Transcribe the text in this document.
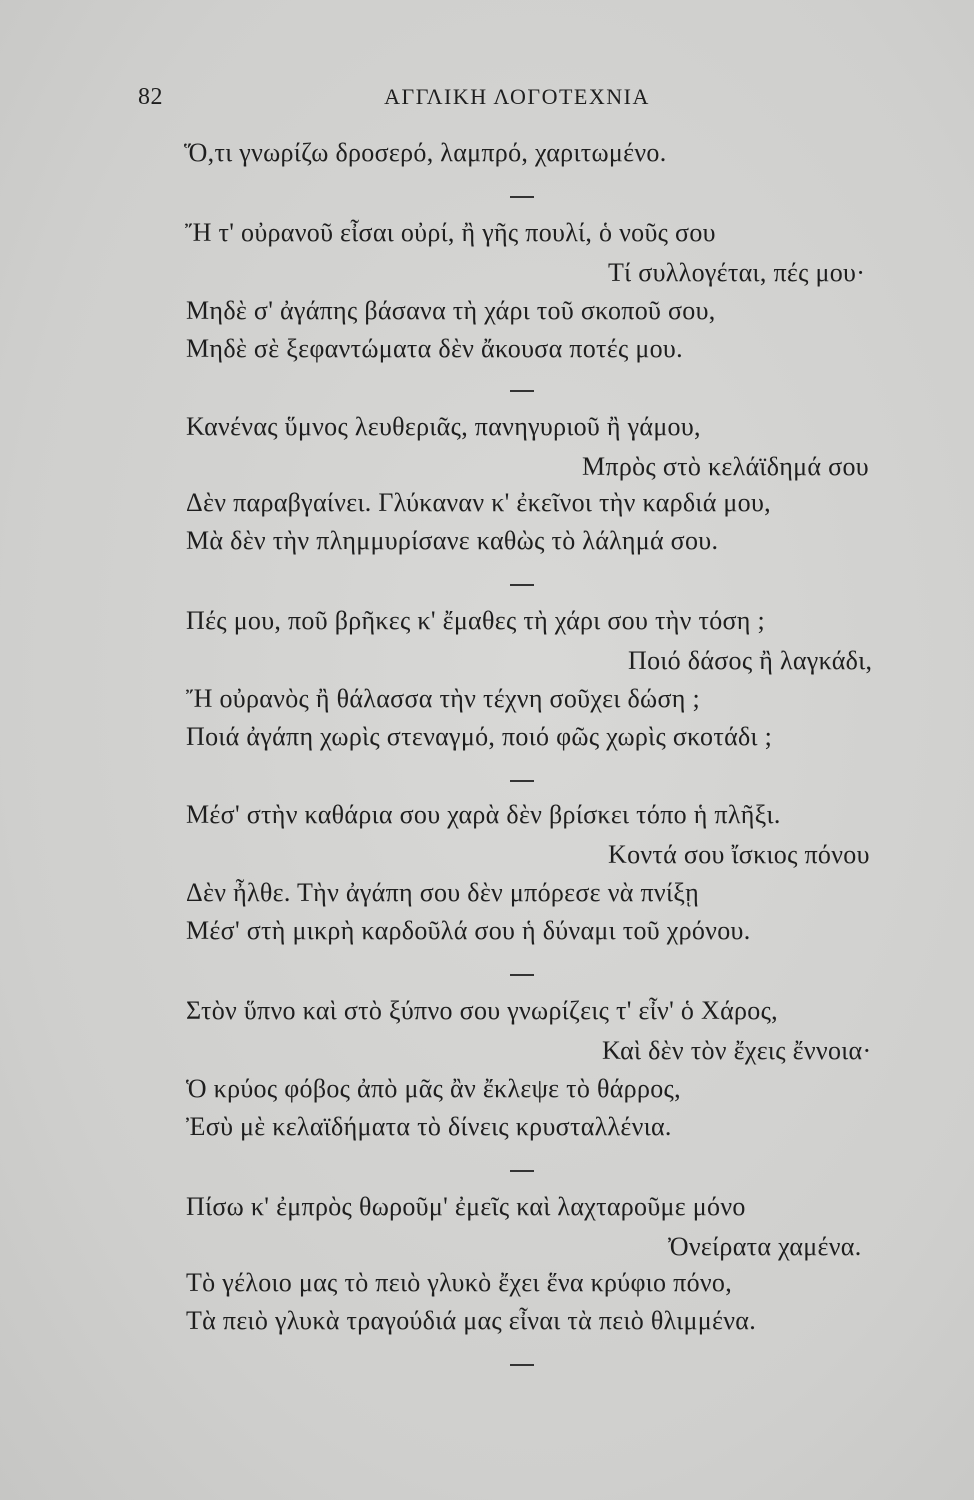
82	ΑΓΓΛΙΚΗ ΛΟΓΟΤΕΧΝΙΑ
Ὅ,τι γνωρίζω δροσερό, λαμπρό, χαριτωμένο.
Ἤ τ' οὐρανοῦ εἶσαι οὐρί, ἢ γῆς πουλί, ὁ νοῦς σου
Τί συλλογέται, πές μου·
Μηδὲ σ' ἀγάπης βάσανα τὴ χάρι τοῦ σκοποῦ σου,
Μηδὲ σὲ ξεφαντώματα δὲν ἄκουσα ποτές μου.
Κανένας ὕμνος λευθεριᾶς, πανηγυριοῦ ἢ γάμου,
Μπρὸς στὸ κελάϊδημά σου
Δὲν παραβγαίνει. Γλύκαναν κ' ἐκεῖνοι τὴν καρδιά μου,
Μὰ δὲν τὴν πλημμυρίσανε καθὼς τὸ λάλημά σου.
Πές μου, ποῦ βρῆκες κ' ἔμαθες τὴ χάρι σου τὴν τόση ;
Ποιό δάσος ἢ λαγκάδι,
Ἤ οὐρανὸς ἢ θάλασσα τὴν τέχνη σοῦχει δώση ;
Ποιά ἀγάπη χωρὶς στεναγμό, ποιό φῶς χωρὶς σκοτάδι ;
Μέσ' στὴν καθάρια σου χαρὰ δὲν βρίσκει τόπο ἡ πλῆξι.
Κοντά σου ἴσκιος πόνου
Δὲν ἦλθε. Τὴν ἀγάπη σου δὲν μπόρεσε νὰ πνίξῃ
Μέσ' στὴ μικρὴ καρδοῦλά σου ἡ δύναμι τοῦ χρόνου.
Στὸν ὕπνο καὶ στὸ ξύπνο σου γνωρίζεις τ' εἶν' ὁ Χάρος,
Καὶ δὲν τὸν ἔχεις ἔννοια·
Ὁ κρύος φόβος ἀπὸ μᾶς ἂν ἔκλεψε τὸ θάρρος,
Ἐσὺ μὲ κελαϊδήματα τὸ δίνεις κρυσταλλένια.
Πίσω κ' ἐμπρὸς θωροῦμ' ἐμεῖς καὶ λαχταροῦμε μόνο
Ὀνείρατα χαμένα.
Τὸ γέλοιο μας τὸ πειὸ γλυκὸ ἔχει ἕνα κρύφιο πόνο,
Τὰ πειὸ γλυκὰ τραγούδιά μας εἶναι τὰ πειὸ θλιμμένα.
